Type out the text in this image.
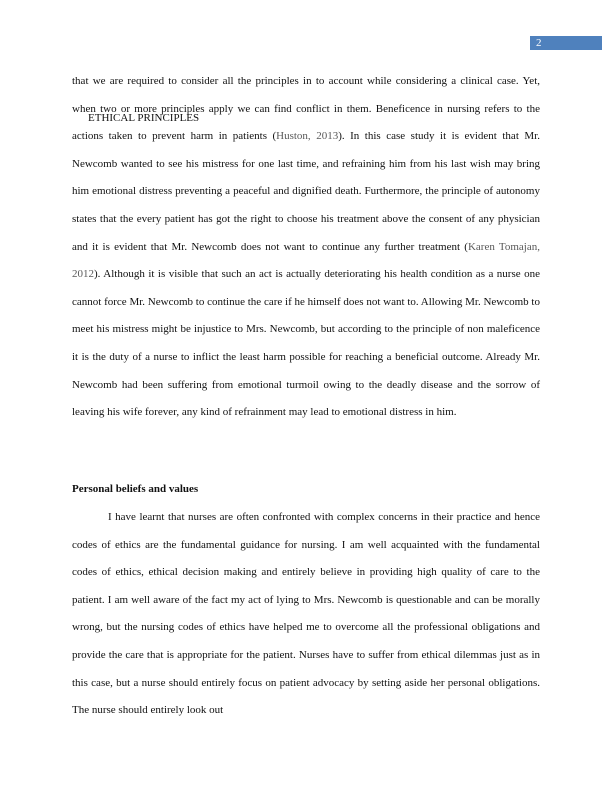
2

that we are required to consider all the principles in to account while considering a clinical case. Yet, when two or more principles apply we can find conflict in them. Beneficence in nursing refers to the actions taken to prevent harm in patients (Huston, 2013). In this case study it is evident that Mr. Newcomb wanted to see his mistress for one last time, and refraining him from his last wish may bring him emotional distress preventing a peaceful and dignified death. Furthermore, the principle of autonomy states that the every patient has got the right to choose his treatment above the consent of any physician and it is evident that Mr. Newcomb does not want to continue any further treatment (Karen Tomajan, 2012). Although it is visible that such an act is actually deteriorating his health condition as a nurse one cannot force Mr. Newcomb to continue the care if he himself does not want to. Allowing Mr. Newcomb to meet his mistress might be injustice to Mrs. Newcomb, but according to the principle of non maleficence it is the duty of a nurse to inflict the least harm possible for reaching a beneficial outcome. Already Mr. Newcomb had been suffering from emotional turmoil owing to the deadly disease and the sorrow of leaving his wife forever, any kind of refrainment may lead to emotional distress in him.

ETHICAL PRINCIPLES
Personal beliefs and values

I have learnt that nurses are often confronted with complex concerns in their practice and hence codes of ethics are the fundamental guidance for nursing. I am well acquainted with the fundamental codes of ethics, ethical decision making and entirely believe in providing high quality of care to the patient. I am well aware of the fact my act of lying to Mrs. Newcomb is questionable and can be morally wrong, but the nursing codes of ethics have helped me to overcome all the professional obligations and provide the care that is appropriate for the patient. Nurses have to suffer from ethical dilemmas just as in this case, but a nurse should entirely focus on patient advocacy by setting aside her personal obligations. The nurse should entirely look out
